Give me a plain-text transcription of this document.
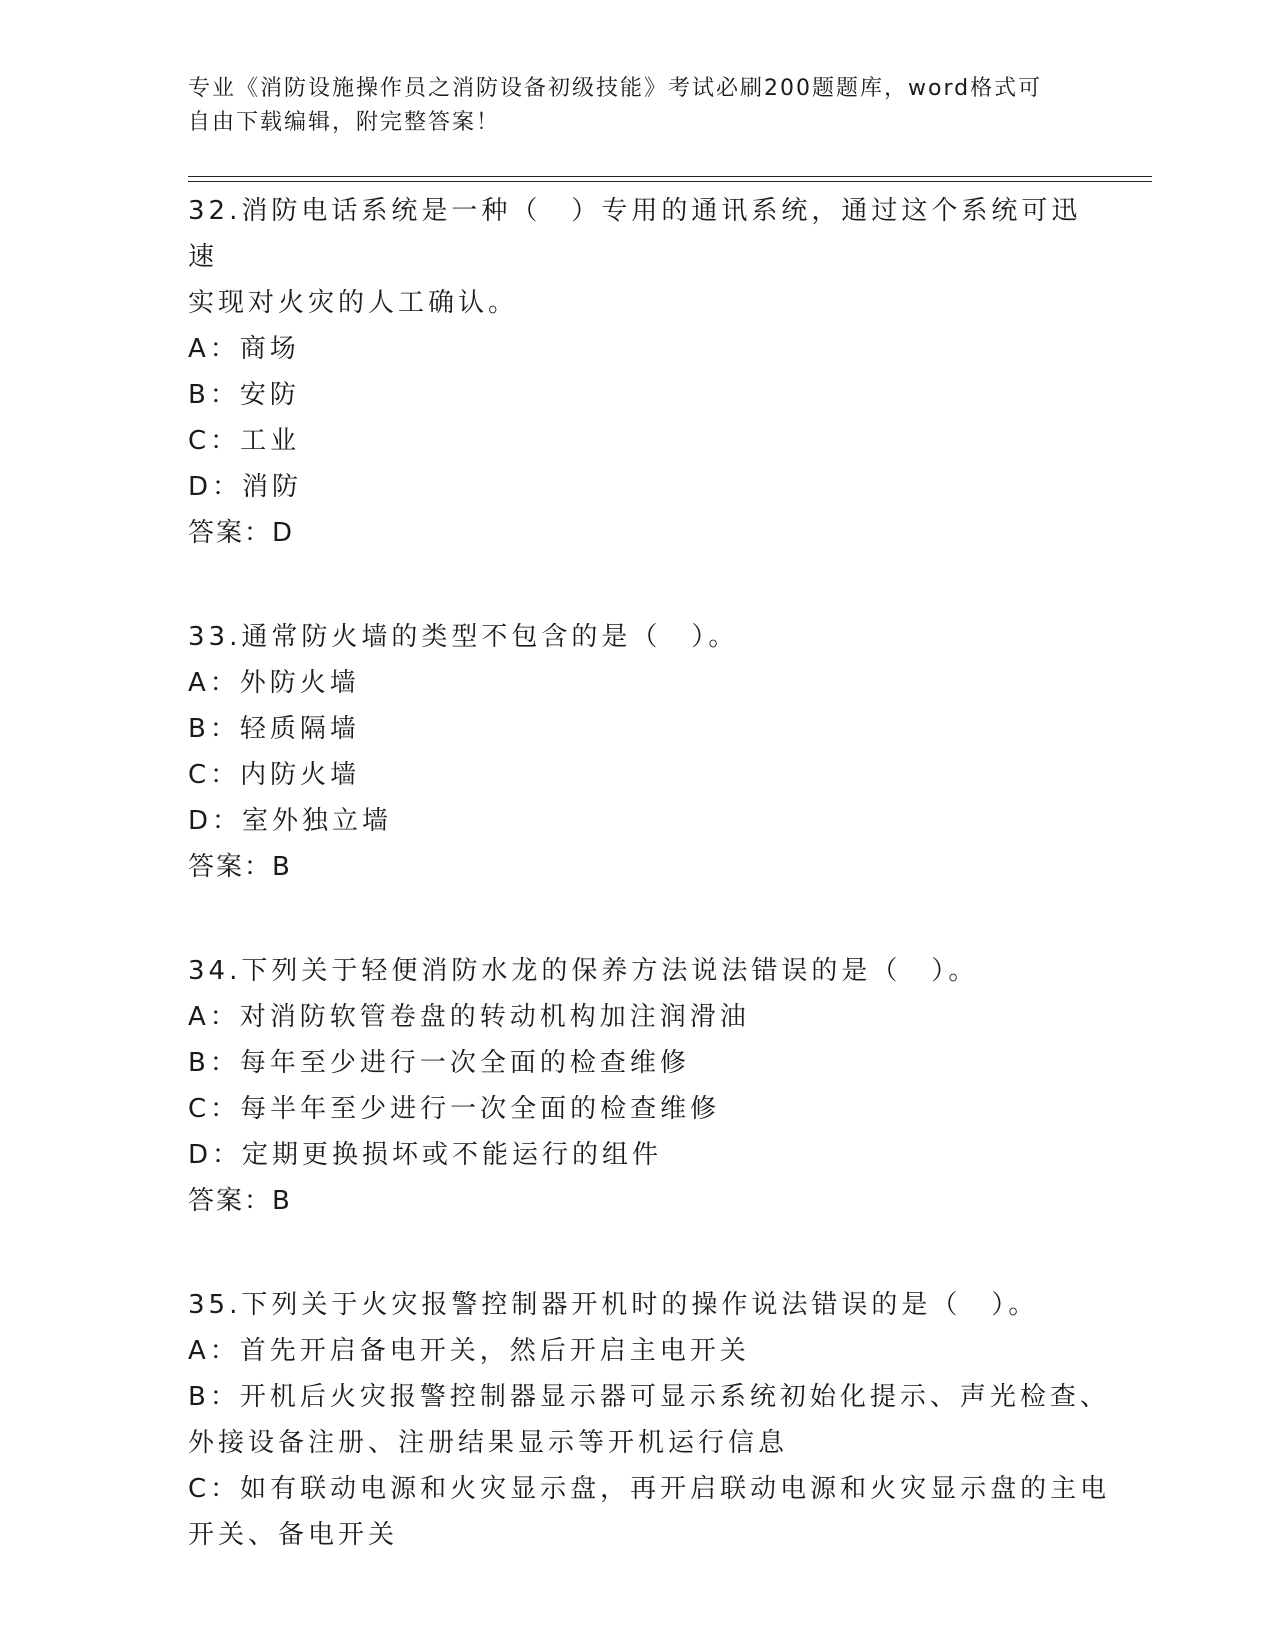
专业《消防设施操作员之消防设备初级技能》考试必刷200题题库，word格式可
自由下载编辑，附完整答案！
32.消防电话系统是一种（　）专用的通讯系统，通过这个系统可迅速
实现对火灾的人工确认。
A：商场
B：安防
C：工业
D：消防
答案：D
33.通常防火墙的类型不包含的是（　）。
A：外防火墙
B：轻质隔墙
C：内防火墙
D：室外独立墙
答案：B
34.下列关于轻便消防水龙的保养方法说法错误的是（　）。
A：对消防软管卷盘的转动机构加注润滑油
B：每年至少进行一次全面的检查维修
C：每半年至少进行一次全面的检查维修
D：定期更换损坏或不能运行的组件
答案：B
35.下列关于火灾报警控制器开机时的操作说法错误的是（　）。
A：首先开启备电开关，然后开启主电开关
B：开机后火灾报警控制器显示器可显示系统初始化提示、声光检查、
外接设备注册、注册结果显示等开机运行信息
C：如有联动电源和火灾显示盘，再开启联动电源和火灾显示盘的主电
开关、备电开关
